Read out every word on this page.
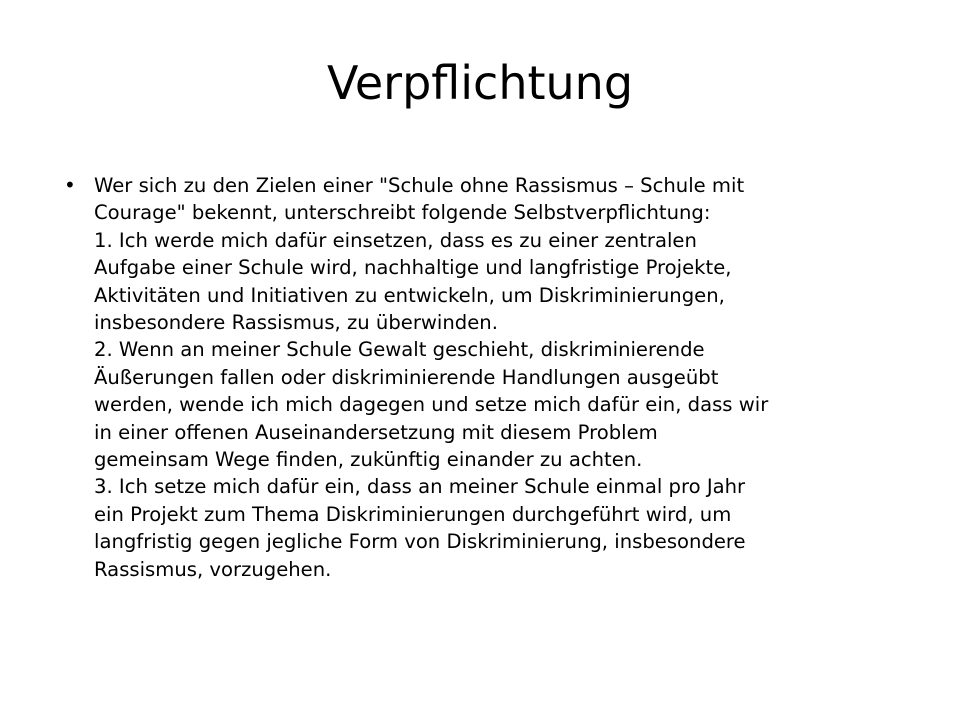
Verpflichtung
• Wer sich zu den Zielen einer "Schule ohne Rassismus – Schule mit
Courage" bekennt, unterschreibt folgende Selbstverpflichtung:
1. Ich werde mich dafür einsetzen, dass es zu einer zentralen
Aufgabe einer Schule wird, nachhaltige und langfristige Projekte,
Aktivitäten und Initiativen zu entwickeln, um Diskriminierungen,
insbesondere Rassismus, zu überwinden.
2. Wenn an meiner Schule Gewalt geschieht, diskriminierende
Äußerungen fallen oder diskriminierende Handlungen ausgeübt
werden, wende ich mich dagegen und setze mich dafür ein, dass wir
in einer offenen Auseinandersetzung mit diesem Problem
gemeinsam Wege finden, zukünftig einander zu achten.
3. Ich setze mich dafür ein, dass an meiner Schule einmal pro Jahr
ein Projekt zum Thema Diskriminierungen durchgeführt wird, um
langfristig gegen jegliche Form von Diskriminierung, insbesondere
Rassismus, vorzugehen.
